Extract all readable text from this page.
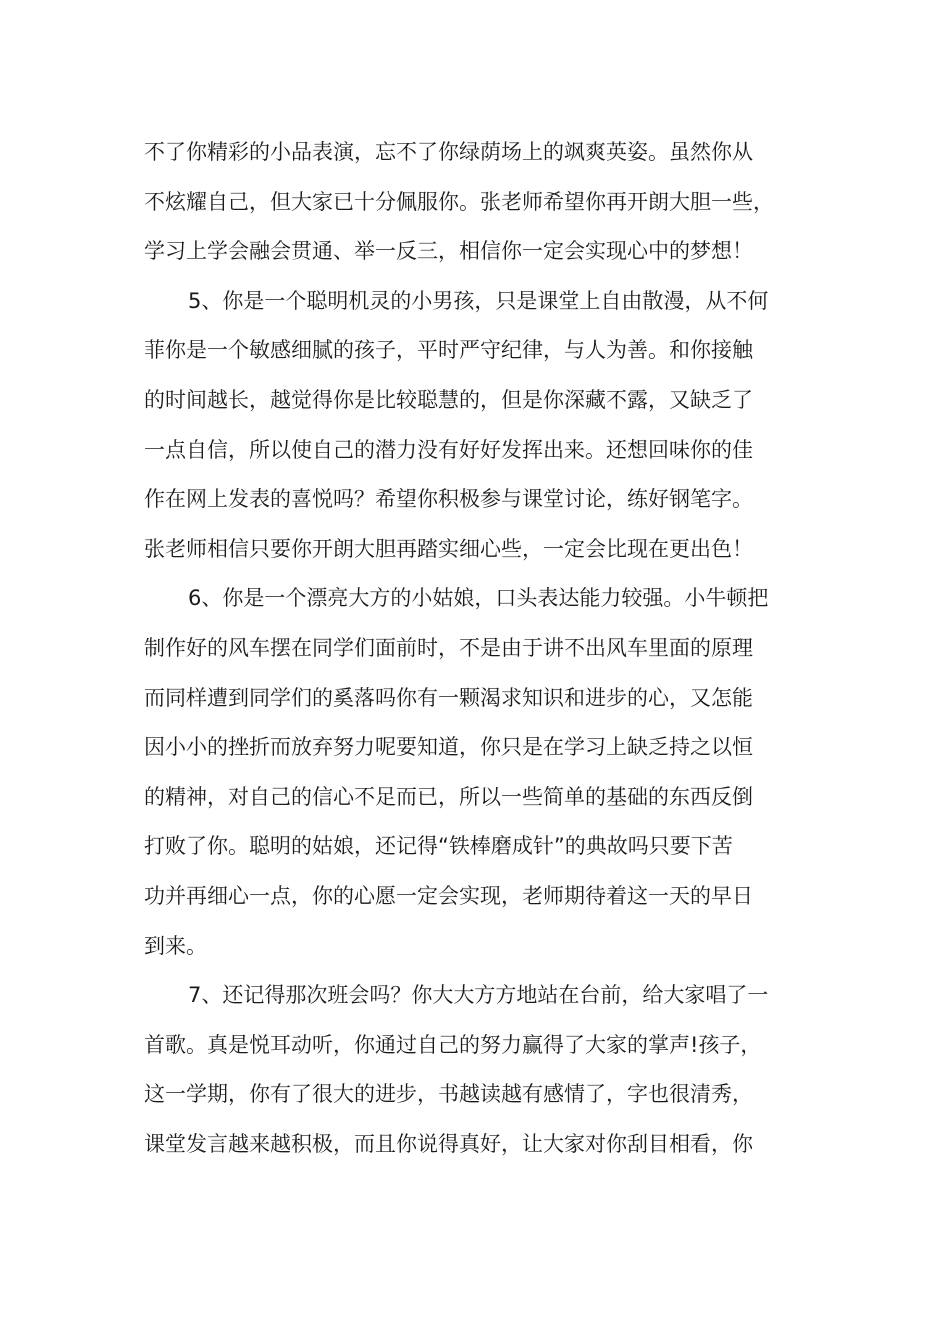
不了你精彩的小品表演，忘不了你绿荫场上的飒爽英姿。虽然你从
不炫耀自己，但大家已十分佩服你。张老师希望你再开朗大胆一些，
学习上学会融会贯通、举一反三，相信你一定会实现心中的梦想！
5、你是一个聪明机灵的小男孩，只是课堂上自由散漫，从不何
菲你是一个敏感细腻的孩子，平时严守纪律，与人为善。和你接触
的时间越长，越觉得你是比较聪慧的，但是你深藏不露，又缺乏了
一点自信，所以使自己的潜力没有好好发挥出来。还想回味你的佳
作在网上发表的喜悦吗？希望你积极参与课堂讨论，练好钢笔字。
张老师相信只要你开朗大胆再踏实细心些，一定会比现在更出色！
6、你是一个漂亮大方的小姑娘，口头表达能力较强。小牛顿把
制作好的风车摆在同学们面前时，不是由于讲不出风车里面的原理
而同样遭到同学们的奚落吗你有一颗渴求知识和进步的心，又怎能
因小小的挫折而放弃努力呢要知道，你只是在学习上缺乏持之以恒
的精神，对自己的信心不足而已，所以一些简单的基础的东西反倒
打败了你。聪明的姑娘，还记得“铁棒磨成针”的典故吗只要下苦
功并再细心一点，你的心愿一定会实现，老师期待着这一天的早日
到来。
7、还记得那次班会吗？你大大方方地站在台前，给大家唱了一
首歌。真是悦耳动听，你通过自己的努力赢得了大家的掌声!孩子，
这一学期，你有了很大的进步，书越读越有感情了，字也很清秀，
课堂发言越来越积极，而且你说得真好，让大家对你刮目相看，你
